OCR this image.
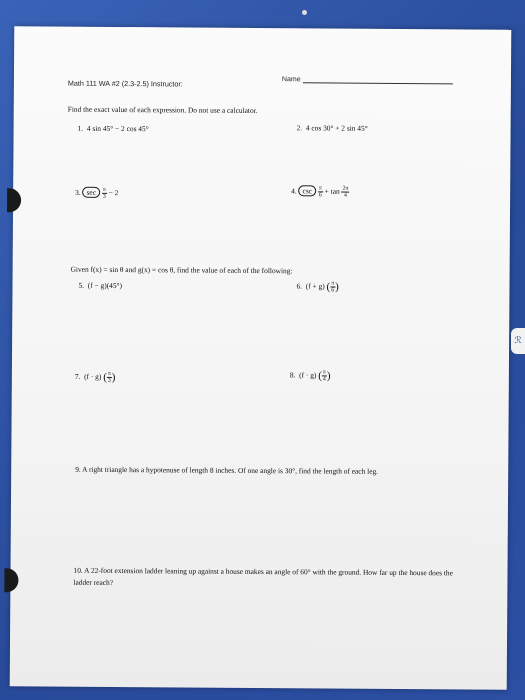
Math 111 WA #2 (2.3-2.5) Instructor:	Name
Find the exact value of each expression. Do not use a calculator.
1. 4 sin 45° − 2 cos 45°	2. 4 cos 30° + 2 sin 45°
3. $\sec \frac{\pi}{3} - 2$	4. $\csc \frac{\pi}{6} + \tan \frac{2\pi}{4}$
Given f(x) = sin θ and g(x) = cos θ, find the value of each of the following:
5. (f − g)(45°)	6. (f + g) ( $\frac{\pi}{6}$ )
7. (f · g) ( $\frac{\pi}{3}$ )	8. (f · g) ( $\frac{\pi}{4}$ )
9. A right triangle has a hypotenuse of length 8 inches. Of one angle is 30°, find the length of each leg.
10. A 22-foot extension ladder leaning up against a house makes an angle of 60° with the ground. How far up the house does the ladder reach?
ℛ
